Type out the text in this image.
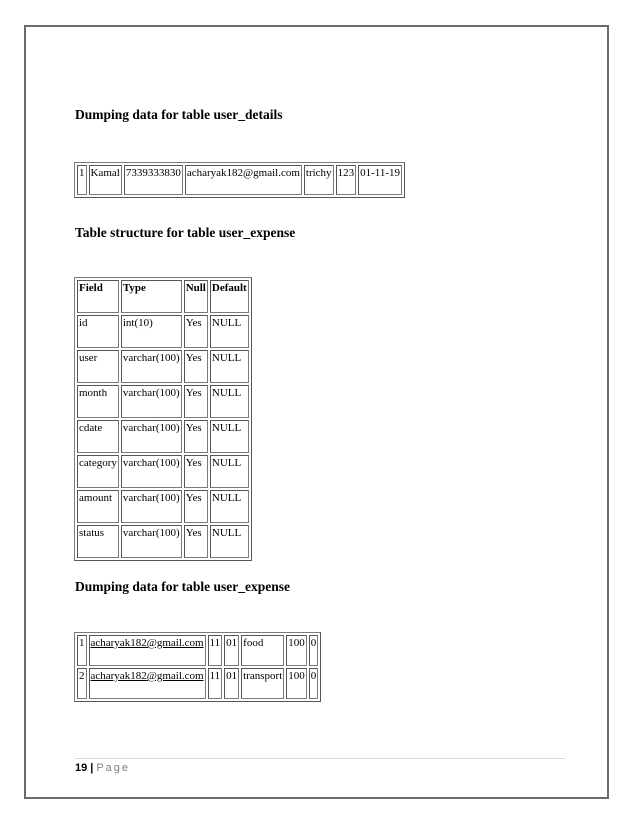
Dumping data for table user_details
1	Kamal	7339333830	acharyak182@gmail.com	trichy	123	01-11-19
Table structure for table user_expense
Field	Type	Null	Default
id	int(10)	Yes	NULL
user	varchar(100)	Yes	NULL
month	varchar(100)	Yes	NULL
cdate	varchar(100)	Yes	NULL
category	varchar(100)	Yes	NULL
amount	varchar(100)	Yes	NULL
status	varchar(100)	Yes	NULL
Dumping data for table user_expense
1	acharyak182@gmail.com	11	01	food	100	0
2	acharyak182@gmail.com	11	01	transport	100	0
19 | Page
